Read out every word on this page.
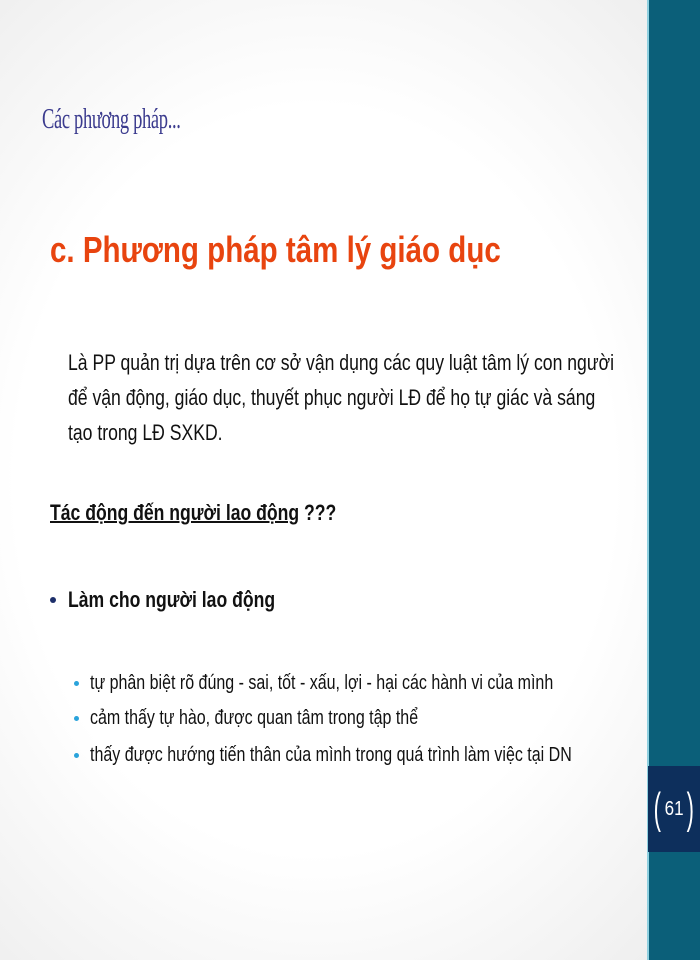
( 61 )
Các phương pháp...
c. Phương pháp tâm lý giáo dục
Là PP quản trị dựa trên cơ sở vận dụng các quy luật tâm lý con người
để vận động, giáo dục, thuyết phục người LĐ để họ tự giác và sáng
tạo trong LĐ SXKD.
Tác động đến người lao động ???
Làm cho người lao động
tự phân biệt rõ đúng - sai, tốt - xấu, lợi - hại các hành vi của mình
cảm thấy tự hào, được quan tâm trong tập thể
thấy được hướng tiến thân của mình trong quá trình làm việc tại DN
